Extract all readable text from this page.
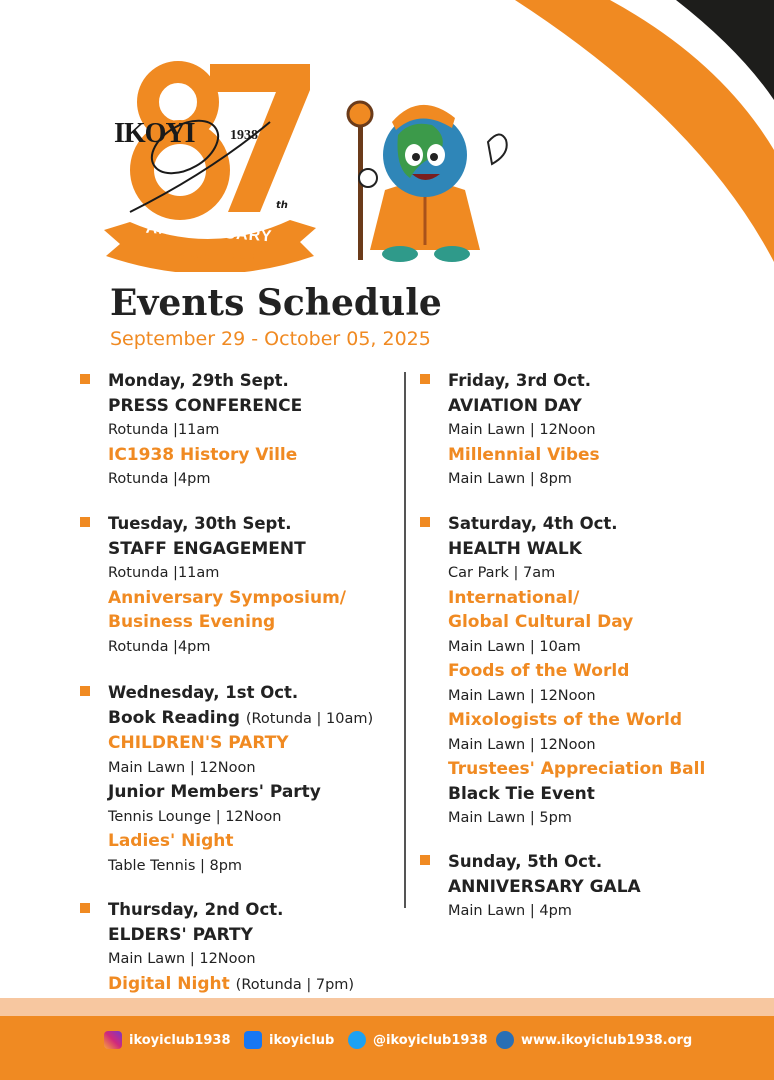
IKOYI	1938
th
ANNIVERSARY
The World in One Club
Events Schedule
September 29 - October 05, 2025
Monday, 29th Sept.
PRESS CONFERENCE
Rotunda |11am
IC1938 History Ville
Rotunda |4pm
Tuesday, 30th Sept.
STAFF ENGAGEMENT
Rotunda |11am
Anniversary Symposium/
Business Evening
Rotunda |4pm
Wednesday, 1st Oct.
Book Reading (Rotunda | 10am)
CHILDREN'S PARTY
Main Lawn | 12Noon
Junior Members' Party
Tennis Lounge | 12Noon
Ladies' Night
Table Tennis | 8pm
Thursday, 2nd Oct.
ELDERS' PARTY
Main Lawn | 12Noon
Digital Night (Rotunda | 7pm)
Friday, 3rd Oct.
AVIATION DAY
Main Lawn | 12Noon
Millennial Vibes
Main Lawn | 8pm
Saturday, 4th Oct.
HEALTH WALK
Car Park | 7am
International/
Global Cultural Day
Main Lawn | 10am
Foods of the World
Main Lawn | 12Noon
Mixologists of the World
Main Lawn | 12Noon
Trustees' Appreciation Ball
Black Tie Event
Main Lawn | 5pm
Sunday, 5th Oct.
ANNIVERSARY GALA
Main Lawn | 4pm
ikoyiclub1938	ikoyiclub	@ikoyiclub1938	www.ikoyiclub1938.org
